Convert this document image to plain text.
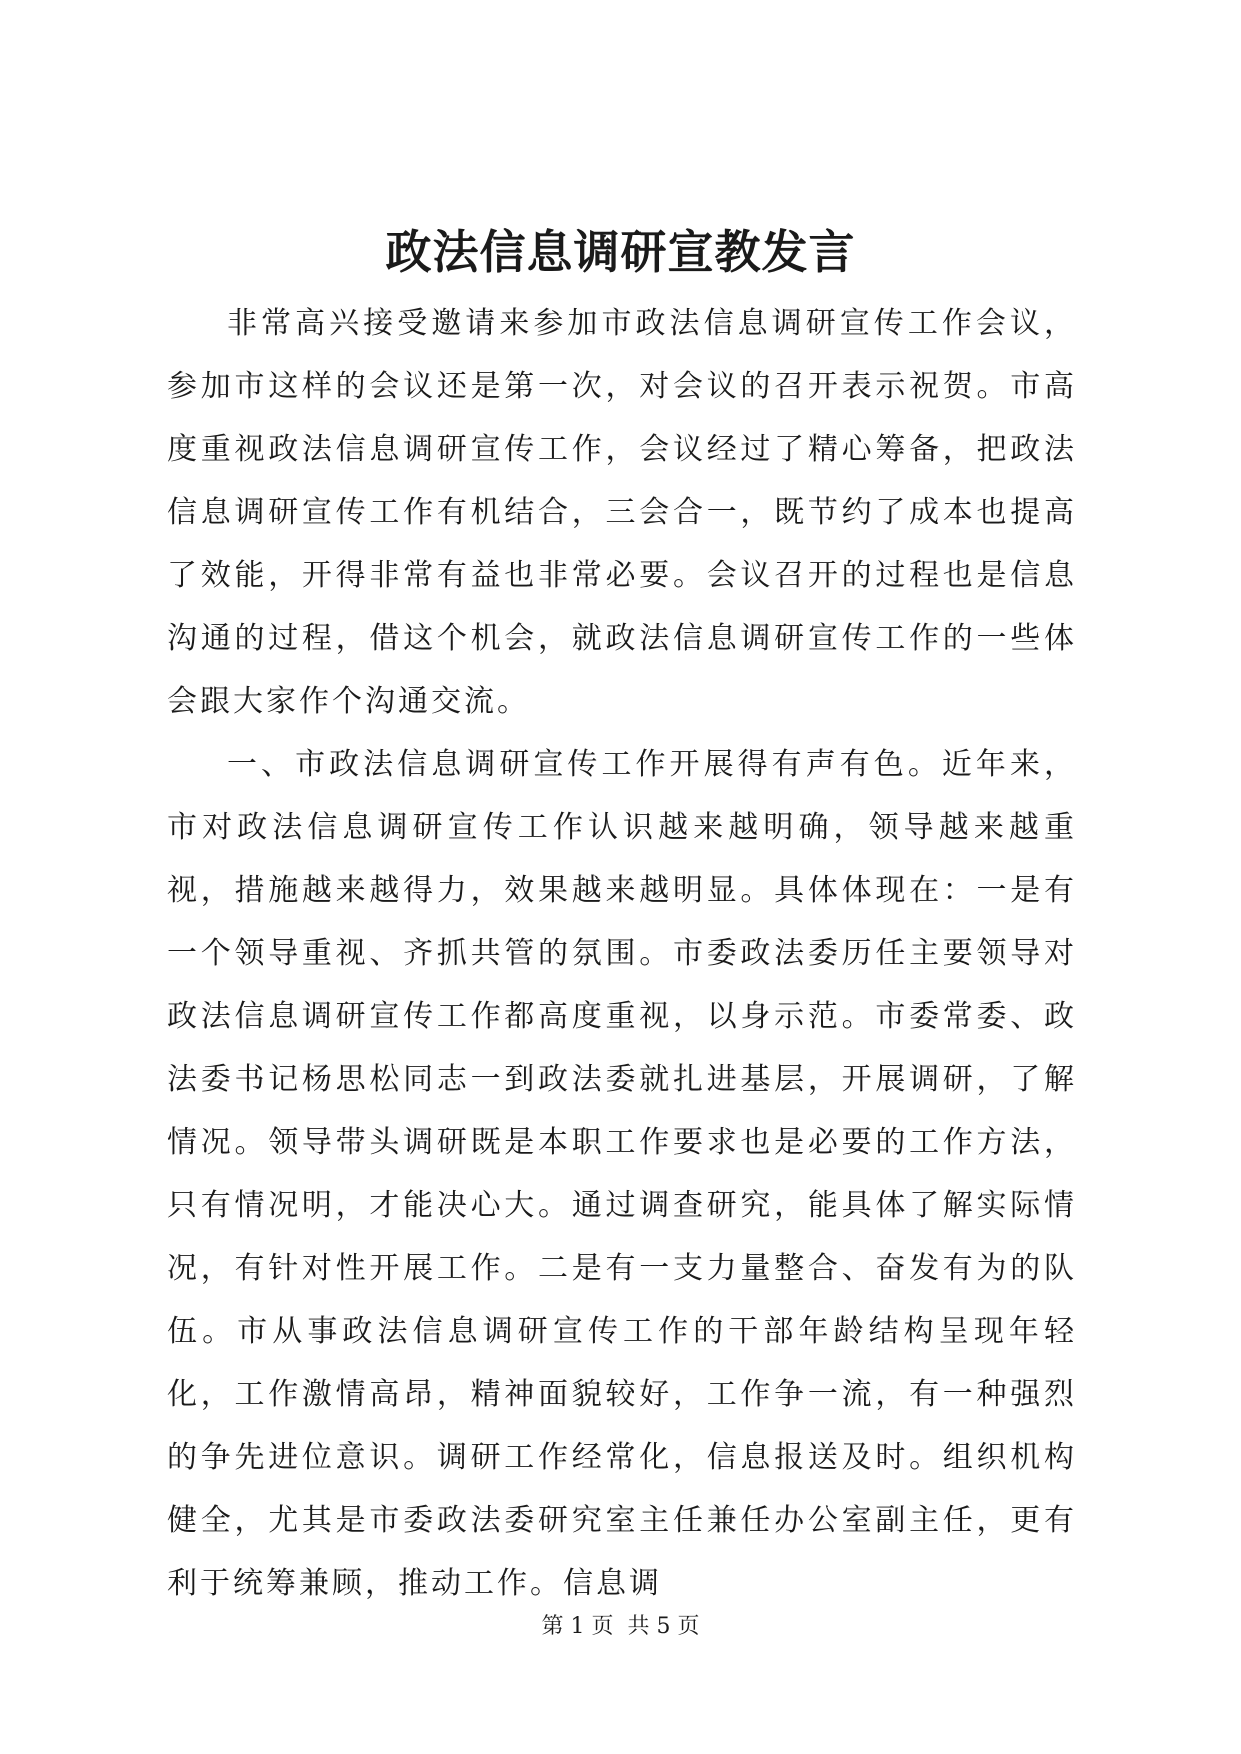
政法信息调研宣教发言

非常高兴接受邀请来参加市政法信息调研宣传工作会议，参加市这样的会议还是第一次，对会议的召开表示祝贺。市高度重视政法信息调研宣传工作，会议经过了精心筹备，把政法信息调研宣传工作有机结合，三会合一，既节约了成本也提高了效能，开得非常有益也非常必要。会议召开的过程也是信息沟通的过程，借这个机会，就政法信息调研宣传工作的一些体会跟大家作个沟通交流。

一、市政法信息调研宣传工作开展得有声有色。近年来，市对政法信息调研宣传工作认识越来越明确，领导越来越重视，措施越来越得力，效果越来越明显。具体体现在：一是有一个领导重视、齐抓共管的氛围。市委政法委历任主要领导对政法信息调研宣传工作都高度重视，以身示范。市委常委、政法委书记杨思松同志一到政法委就扎进基层，开展调研，了解情况。领导带头调研既是本职工作要求也是必要的工作方法，只有情况明，才能决心大。通过调查研究，能具体了解实际情况，有针对性开展工作。二是有一支力量整合、奋发有为的队伍。市从事政法信息调研宣传工作的干部年龄结构呈现年轻化，工作激情高昂，精神面貌较好，工作争一流，有一种强烈的争先进位意识。调研工作经常化，信息报送及时。组织机构健全，尤其是市委政法委研究室主任兼任办公室副主任，更有利于统筹兼顾，推动工作。信息调

第 1 页  共 5 页
